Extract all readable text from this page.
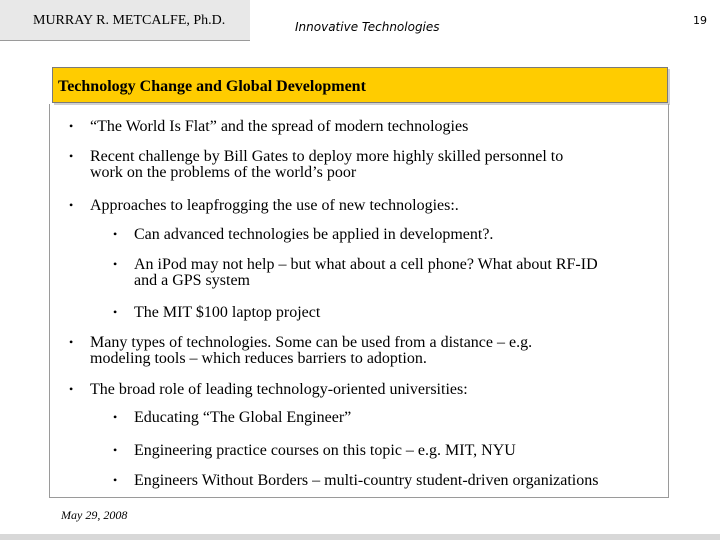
MURRAY R. METCALFE, Ph.D.	Innovative Technologies	19
Technology Change and Global Development
• “The World Is Flat” and the spread of modern technologies
• Recent challenge by Bill Gates to deploy more highly skilled personnel to
work on the problems of the world’s poor
• Approaches to leapfrogging the use of new technologies:.
• Can advanced technologies be applied in development?.
• An iPod may not help – but what about a cell phone? What about RF-ID
and a GPS system
• The MIT $100 laptop project
• Many types of technologies. Some can be used from a distance – e.g.
modeling tools – which reduces barriers to adoption.
• The broad role of leading technology-oriented universities:
• Educating “The Global Engineer”
• Engineering practice courses on this topic – e.g. MIT, NYU
• Engineers Without Borders – multi-country student-driven organizations
May 29, 2008
